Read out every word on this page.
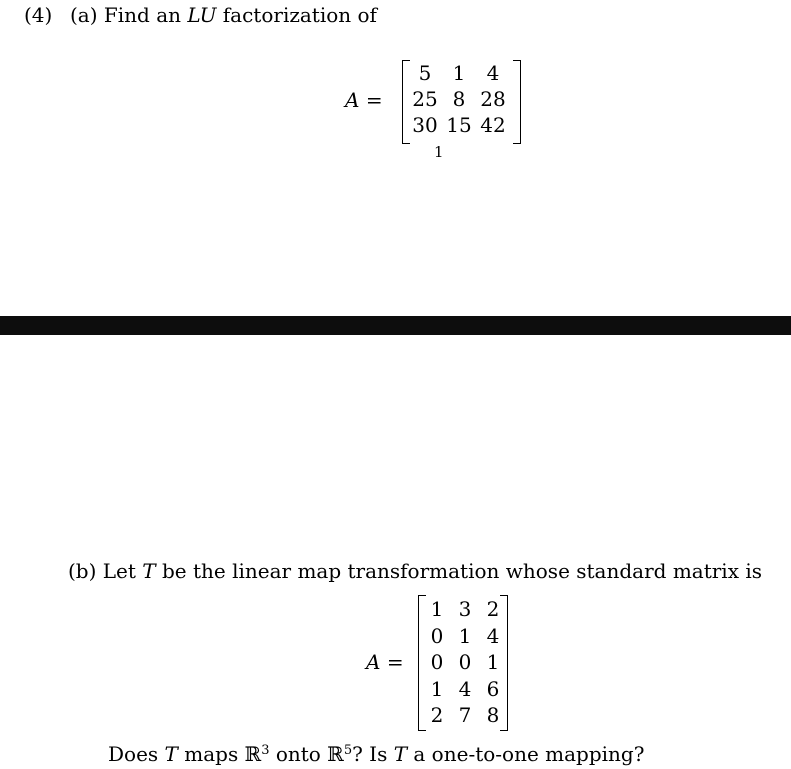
(4) (a) Find an LU factorization of
A =
5	1	4
25	8	28
30	15	42
1
(b) Let T be the linear map transformation whose standard matrix is
A =
1	3	2
0	1	4
0	0	1
1	4	6
2	7	8
Does T maps ℝ$^3$ onto ℝ$^5$? Is T a one-to-one mapping?
